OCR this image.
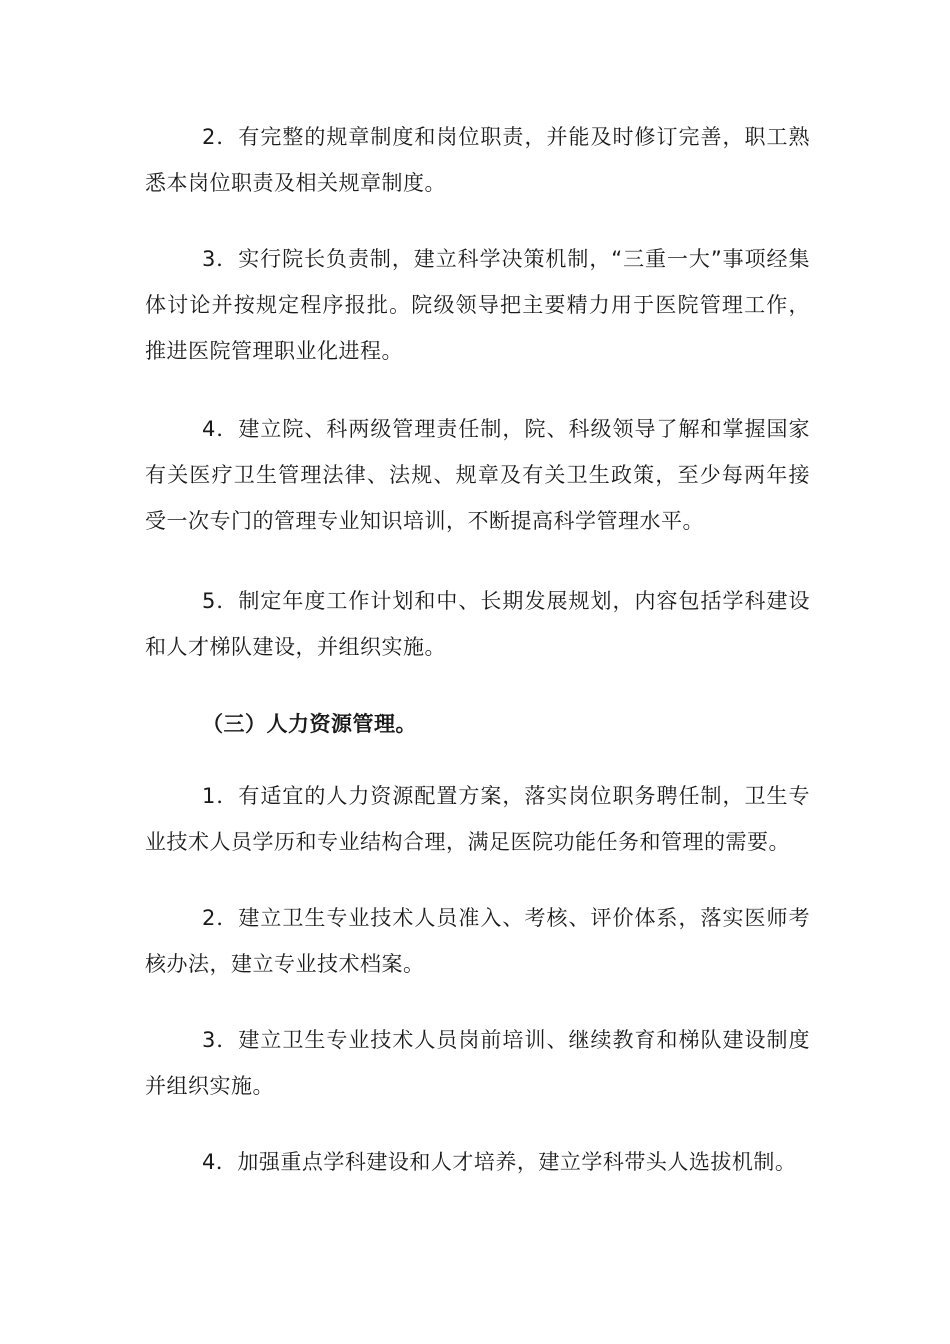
2．有完整的规章制度和岗位职责，并能及时修订完善，职工熟悉本岗位职责及相关规章制度。

3．实行院长负责制，建立科学决策机制，“三重一大”事项经集体讨论并按规定程序报批。院级领导把主要精力用于医院管理工作，推进医院管理职业化进程。

4．建立院、科两级管理责任制，院、科级领导了解和掌握国家有关医疗卫生管理法律、法规、规章及有关卫生政策，至少每两年接受一次专门的管理专业知识培训，不断提高科学管理水平。

5．制定年度工作计划和中、长期发展规划，内容包括学科建设和人才梯队建设，并组织实施。

（三）人力资源管理。

1．有适宜的人力资源配置方案，落实岗位职务聘任制，卫生专业技术人员学历和专业结构合理，满足医院功能任务和管理的需要。

2．建立卫生专业技术人员准入、考核、评价体系，落实医师考核办法，建立专业技术档案。

3．建立卫生专业技术人员岗前培训、继续教育和梯队建设制度并组织实施。

4．加强重点学科建设和人才培养，建立学科带头人选拔机制。
